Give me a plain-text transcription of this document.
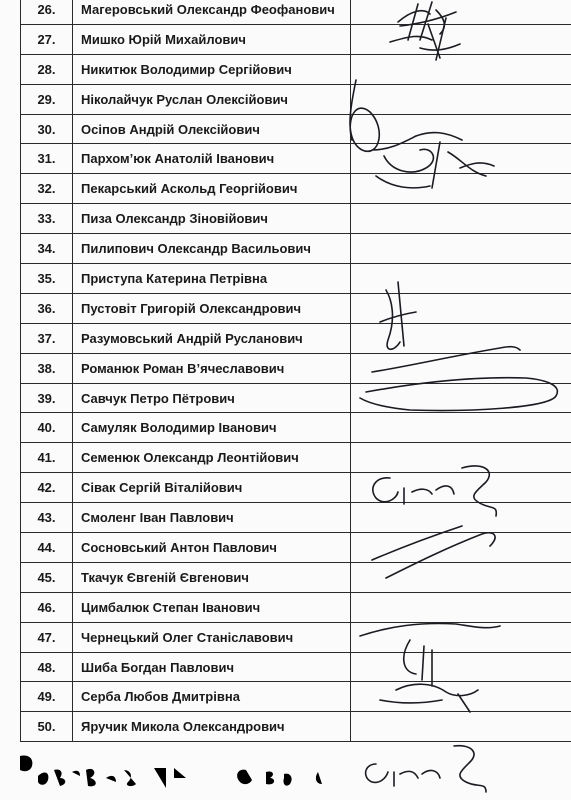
26.	Магеровський Олександр Феофанович	
27.	Мишко Юрій Михайлович	
28.	Никитюк Володимир Сергійович	
29.	Ніколайчук Руслан Олексійович	
30.	Осіпов Андрій Олексійович	
31.	Пархом’юк Анатолій Іванович	
32.	Пекарський Аскольд Георгійович	
33.	Пиза Олександр Зіновійович	
34.	Пилипович Олександр Васильович	
35.	Приступа Катерина Петрівна	
36.	Пустовіт Григорій Олександрович	
37.	Разумовський Андрій Русланович	
38.	Романюк Роман В’ячеславович	
39.	Савчук Петро Пётрович	
40.	Самуляк Володимир Іванович	
41.	Семенюк Олександр Леонтійович	
42.	Сівак Сергій Віталійович	
43.	Смоленг Іван Павлович	
44.	Сосновський Антон Павлович	
45.	Ткачук Євгеній Євгенович	
46.	Цимбалюк Степан Іванович	
47.	Чернецький Олег Станіславович	
48.	Шиба Богдан Павлович	
49.	Серба Любов Дмитрівна	
50.	Яручик Микола Олександрович	
